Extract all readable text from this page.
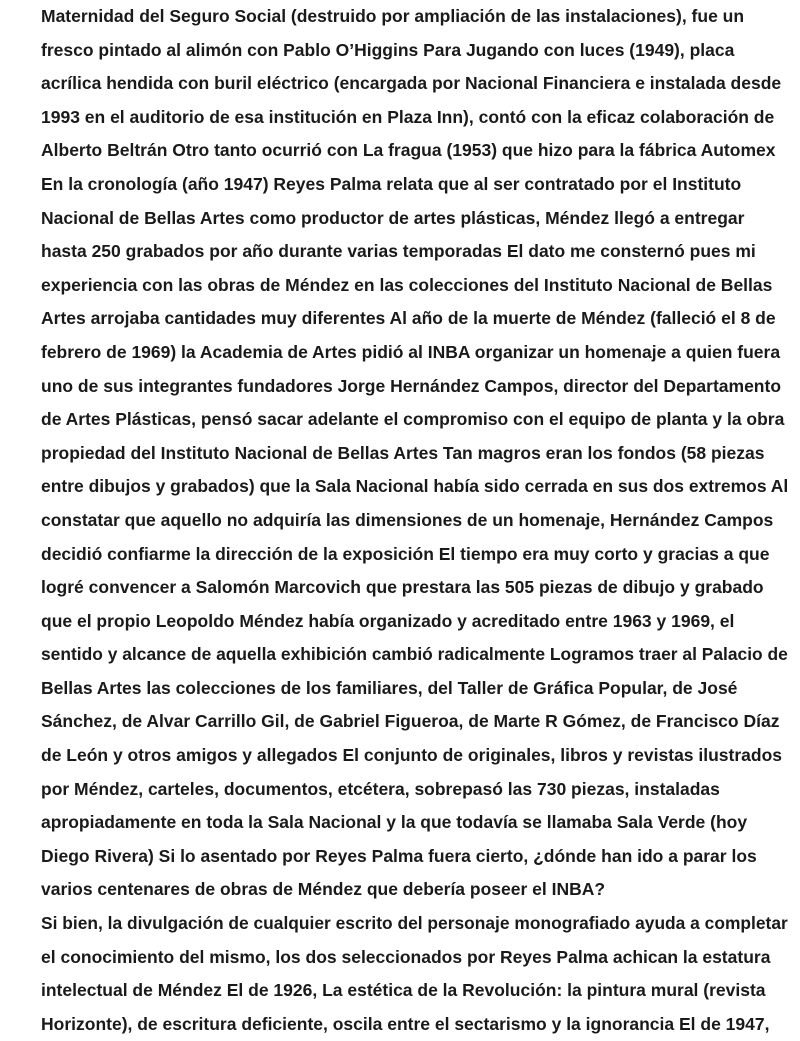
Maternidad del Seguro Social (destruido por ampliación de las instalaciones), fue un
fresco pintado al alimón con Pablo O’Higgins Para Jugando con luces (1949), placa
acrílica hendida con buril eléctrico (encargada por Nacional Financiera e instalada desde
1993 en el auditorio de esa institución en Plaza Inn), contó con la eficaz colaboración de
Alberto Beltrán Otro tanto ocurrió con La fragua (1953) que hizo para la fábrica Automex
En la cronología (año 1947) Reyes Palma relata que al ser contratado por el Instituto
Nacional de Bellas Artes como productor de artes plásticas, Méndez llegó a entregar
hasta 250 grabados por año durante varias temporadas El dato me consternó pues mi
experiencia con las obras de Méndez en las colecciones del Instituto Nacional de Bellas
Artes arrojaba cantidades muy diferentes Al año de la muerte de Méndez (falleció el 8 de
febrero de 1969) la Academia de Artes pidió al INBA organizar un homenaje a quien fuera
uno de sus integrantes fundadores Jorge Hernández Campos, director del Departamento
de Artes Plásticas, pensó sacar adelante el compromiso con el equipo de planta y la obra
propiedad del Instituto Nacional de Bellas Artes Tan magros eran los fondos (58 piezas
entre dibujos y grabados) que la Sala Nacional había sido cerrada en sus dos extremos Al
constatar que aquello no adquiría las dimensiones de un homenaje, Hernández Campos
decidió confiarme la dirección de la exposición El tiempo era muy corto y gracias a que
logré convencer a Salomón Marcovich que prestara las 505 piezas de dibujo y grabado
que el propio Leopoldo Méndez había organizado y acreditado entre 1963 y 1969, el
sentido y alcance de aquella exhibición cambió radicalmente Logramos traer al Palacio de
Bellas Artes las colecciones de los familiares, del Taller de Gráfica Popular, de José
Sánchez, de Alvar Carrillo Gil, de Gabriel Figueroa, de Marte R Gómez, de Francisco Díaz
de León y otros amigos y allegados El conjunto de originales, libros y revistas ilustrados
por Méndez, carteles, documentos, etcétera, sobrepasó las 730 piezas, instaladas
apropiadamente en toda la Sala Nacional y la que todavía se llamaba Sala Verde (hoy
Diego Rivera) Si lo asentado por Reyes Palma fuera cierto, ¿dónde han ido a parar los
varios centenares de obras de Méndez que debería poseer el INBA?

Si bien, la divulgación de cualquier escrito del personaje monografiado ayuda a completar
el conocimiento del mismo, los dos seleccionados por Reyes Palma achican la estatura
intelectual de Méndez El de 1926, La estética de la Revolución: la pintura mural (revista
Horizonte), de escritura deficiente, oscila entre el sectarismo y la ignorancia El de 1947,
